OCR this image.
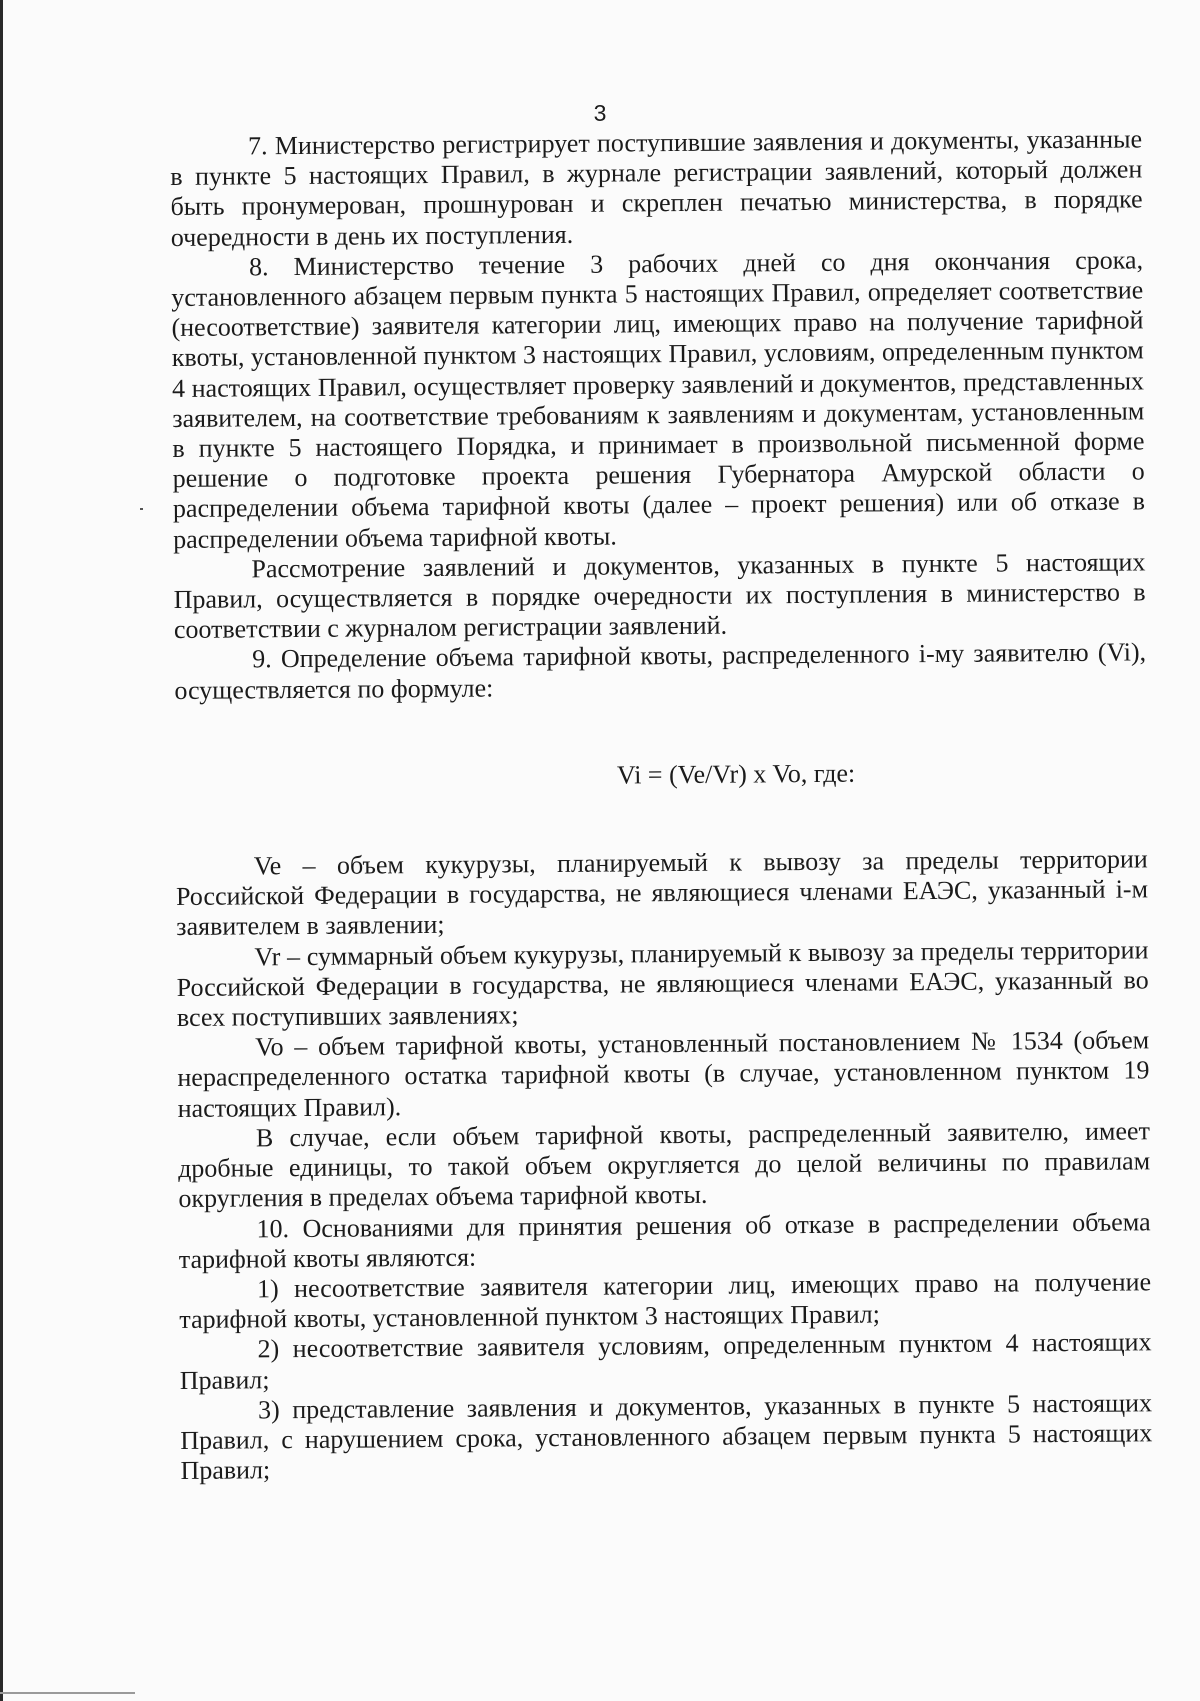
3

7. Министерство регистрирует поступившие заявления и документы, указанные в пункте 5 настоящих Правил, в журнале регистрации заявлений, который должен быть пронумерован, прошнурован и скреплен печатью министерства, в порядке очередности в день их поступления.

8. Министерство течение 3 рабочих дней со дня окончания срока, установленного абзацем первым пункта 5 настоящих Правил, определяет соответствие (несоответствие) заявителя категории лиц, имеющих право на получение тарифной квоты, установленной пунктом 3 настоящих Правил, условиям, определенным пунктом 4 настоящих Правил, осуществляет проверку заявлений и документов, представленных заявителем, на соответствие требованиям к заявлениям и документам, установленным в пункте 5 настоящего Порядка, и принимает в произвольной письменной форме решение о подготовке проекта решения Губернатора Амурской области о распределении объема тарифной квоты (далее – проект решения) или об отказе в распределении объема тарифной квоты.

Рассмотрение заявлений и документов, указанных в пункте 5 настоящих Правил, осуществляется в порядке очередности их поступления в министерство в соответствии с журналом регистрации заявлений.

9. Определение объема тарифной квоты, распределенного i-му заявителю (Vi), осуществляется по формуле:

Vi = (Ve/Vr) x Vo, где:

Ve – объем кукурузы, планируемый к вывозу за пределы территории Российской Федерации в государства, не являющиеся членами ЕАЭС, указанный i-м заявителем в заявлении;

Vr – суммарный объем кукурузы, планируемый к вывозу за пределы территории Российской Федерации в государства, не являющиеся членами ЕАЭС, указанный во всех поступивших заявлениях;

Vo – объем тарифной квоты, установленный постановлением № 1534 (объем нераспределенного остатка тарифной квоты (в случае, установленном пунктом 19 настоящих Правил).

В случае, если объем тарифной квоты, распределенный заявителю, имеет дробные единицы, то такой объем округляется до целой величины по правилам округления в пределах объема тарифной квоты.

10. Основаниями для принятия решения об отказе в распределении объема тарифной квоты являются:

1) несоответствие заявителя категории лиц, имеющих право на получение тарифной квоты, установленной пунктом 3 настоящих Правил;

2) несоответствие заявителя условиям, определенным пунктом 4 настоящих Правил;

3) представление заявления и документов, указанных в пункте 5 настоящих Правил, с нарушением срока, установленного абзацем первым пункта 5 настоящих Правил;
